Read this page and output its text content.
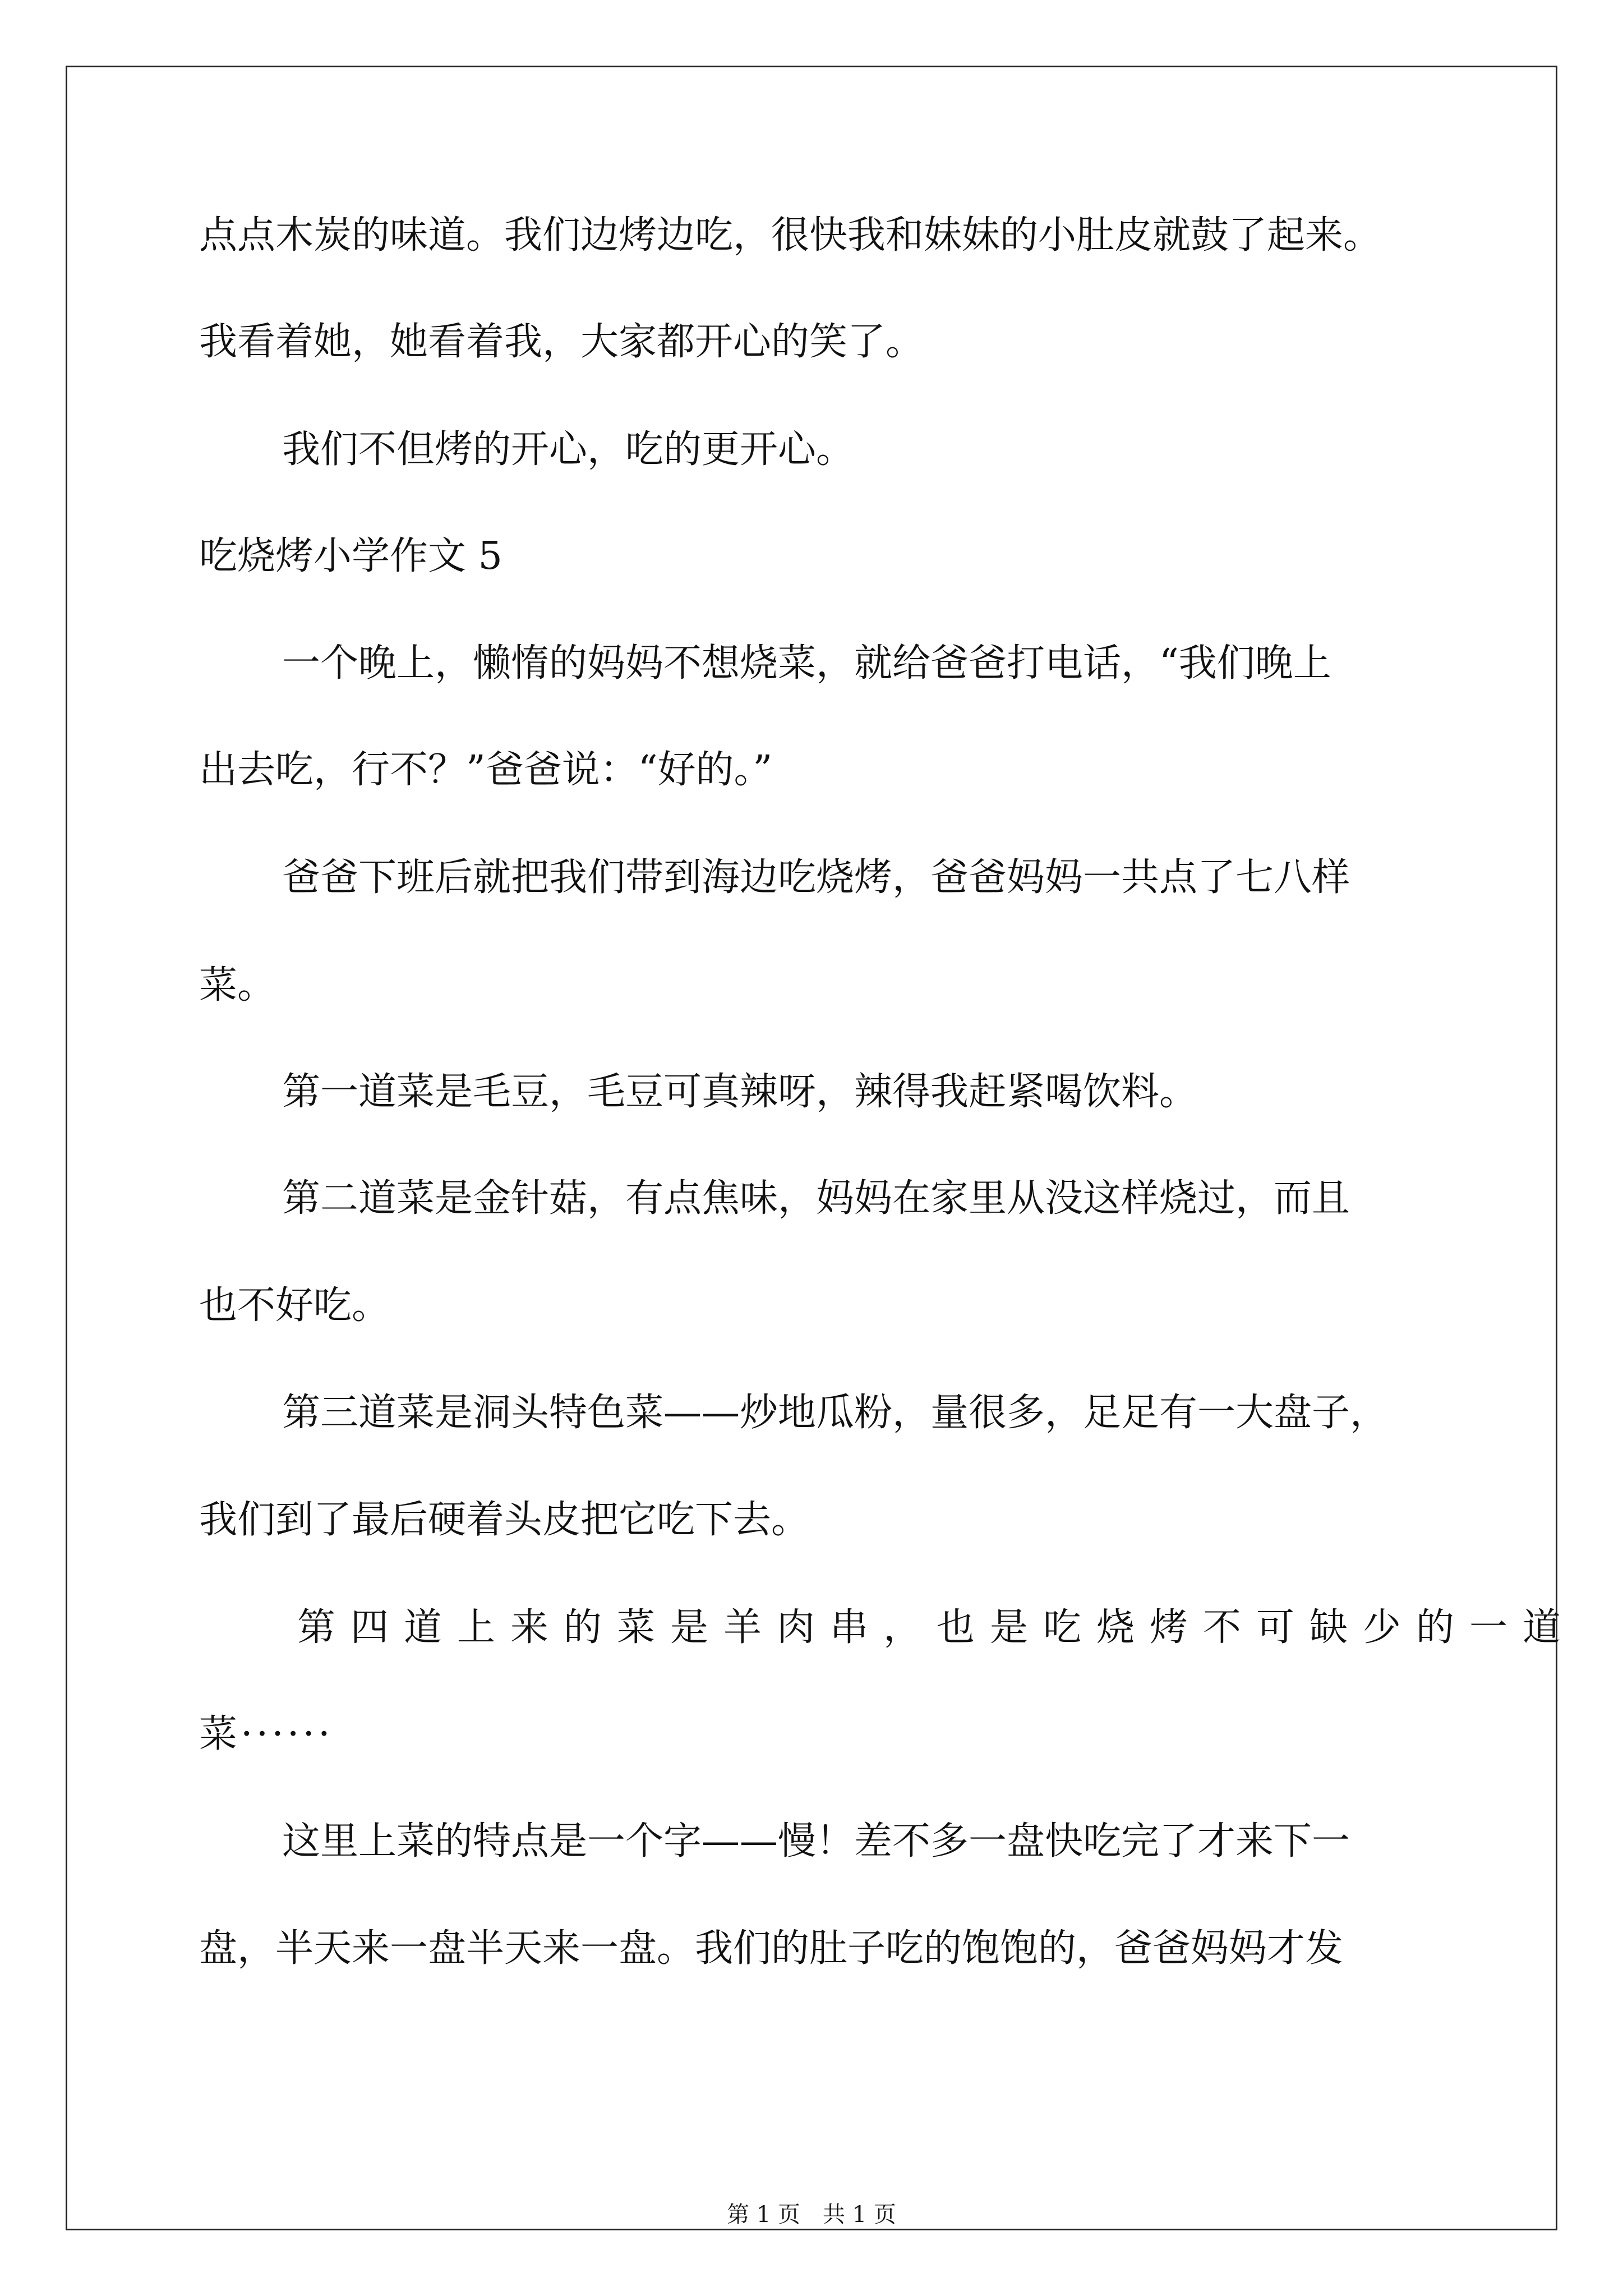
点点木炭的味道。我们边烤边吃，很快我和妹妹的小肚皮就鼓了起来。
我看着她，她看着我，大家都开心的笑了。
我们不但烤的开心，吃的更开心。
吃烧烤小学作文 5
一个晚上，懒惰的妈妈不想烧菜，就给爸爸打电话，“我们晚上
出去吃，行不？”爸爸说：“好的。”
爸爸下班后就把我们带到海边吃烧烤，爸爸妈妈一共点了七八样
菜。
第一道菜是毛豆，毛豆可真辣呀，辣得我赶紧喝饮料。
第二道菜是金针菇，有点焦味，妈妈在家里从没这样烧过，而且
也不好吃。
第三道菜是洞头特色菜——炒地瓜粉，量很多，足足有一大盘子，
我们到了最后硬着头皮把它吃下去。
第四道上来的菜是羊肉串，也是吃烧烤不可缺少的一道
菜······
这里上菜的特点是一个字——慢！差不多一盘快吃完了才来下一
盘，半天来一盘半天来一盘。我们的肚子吃的饱饱的，爸爸妈妈才发
第 1 页 共 1 页
